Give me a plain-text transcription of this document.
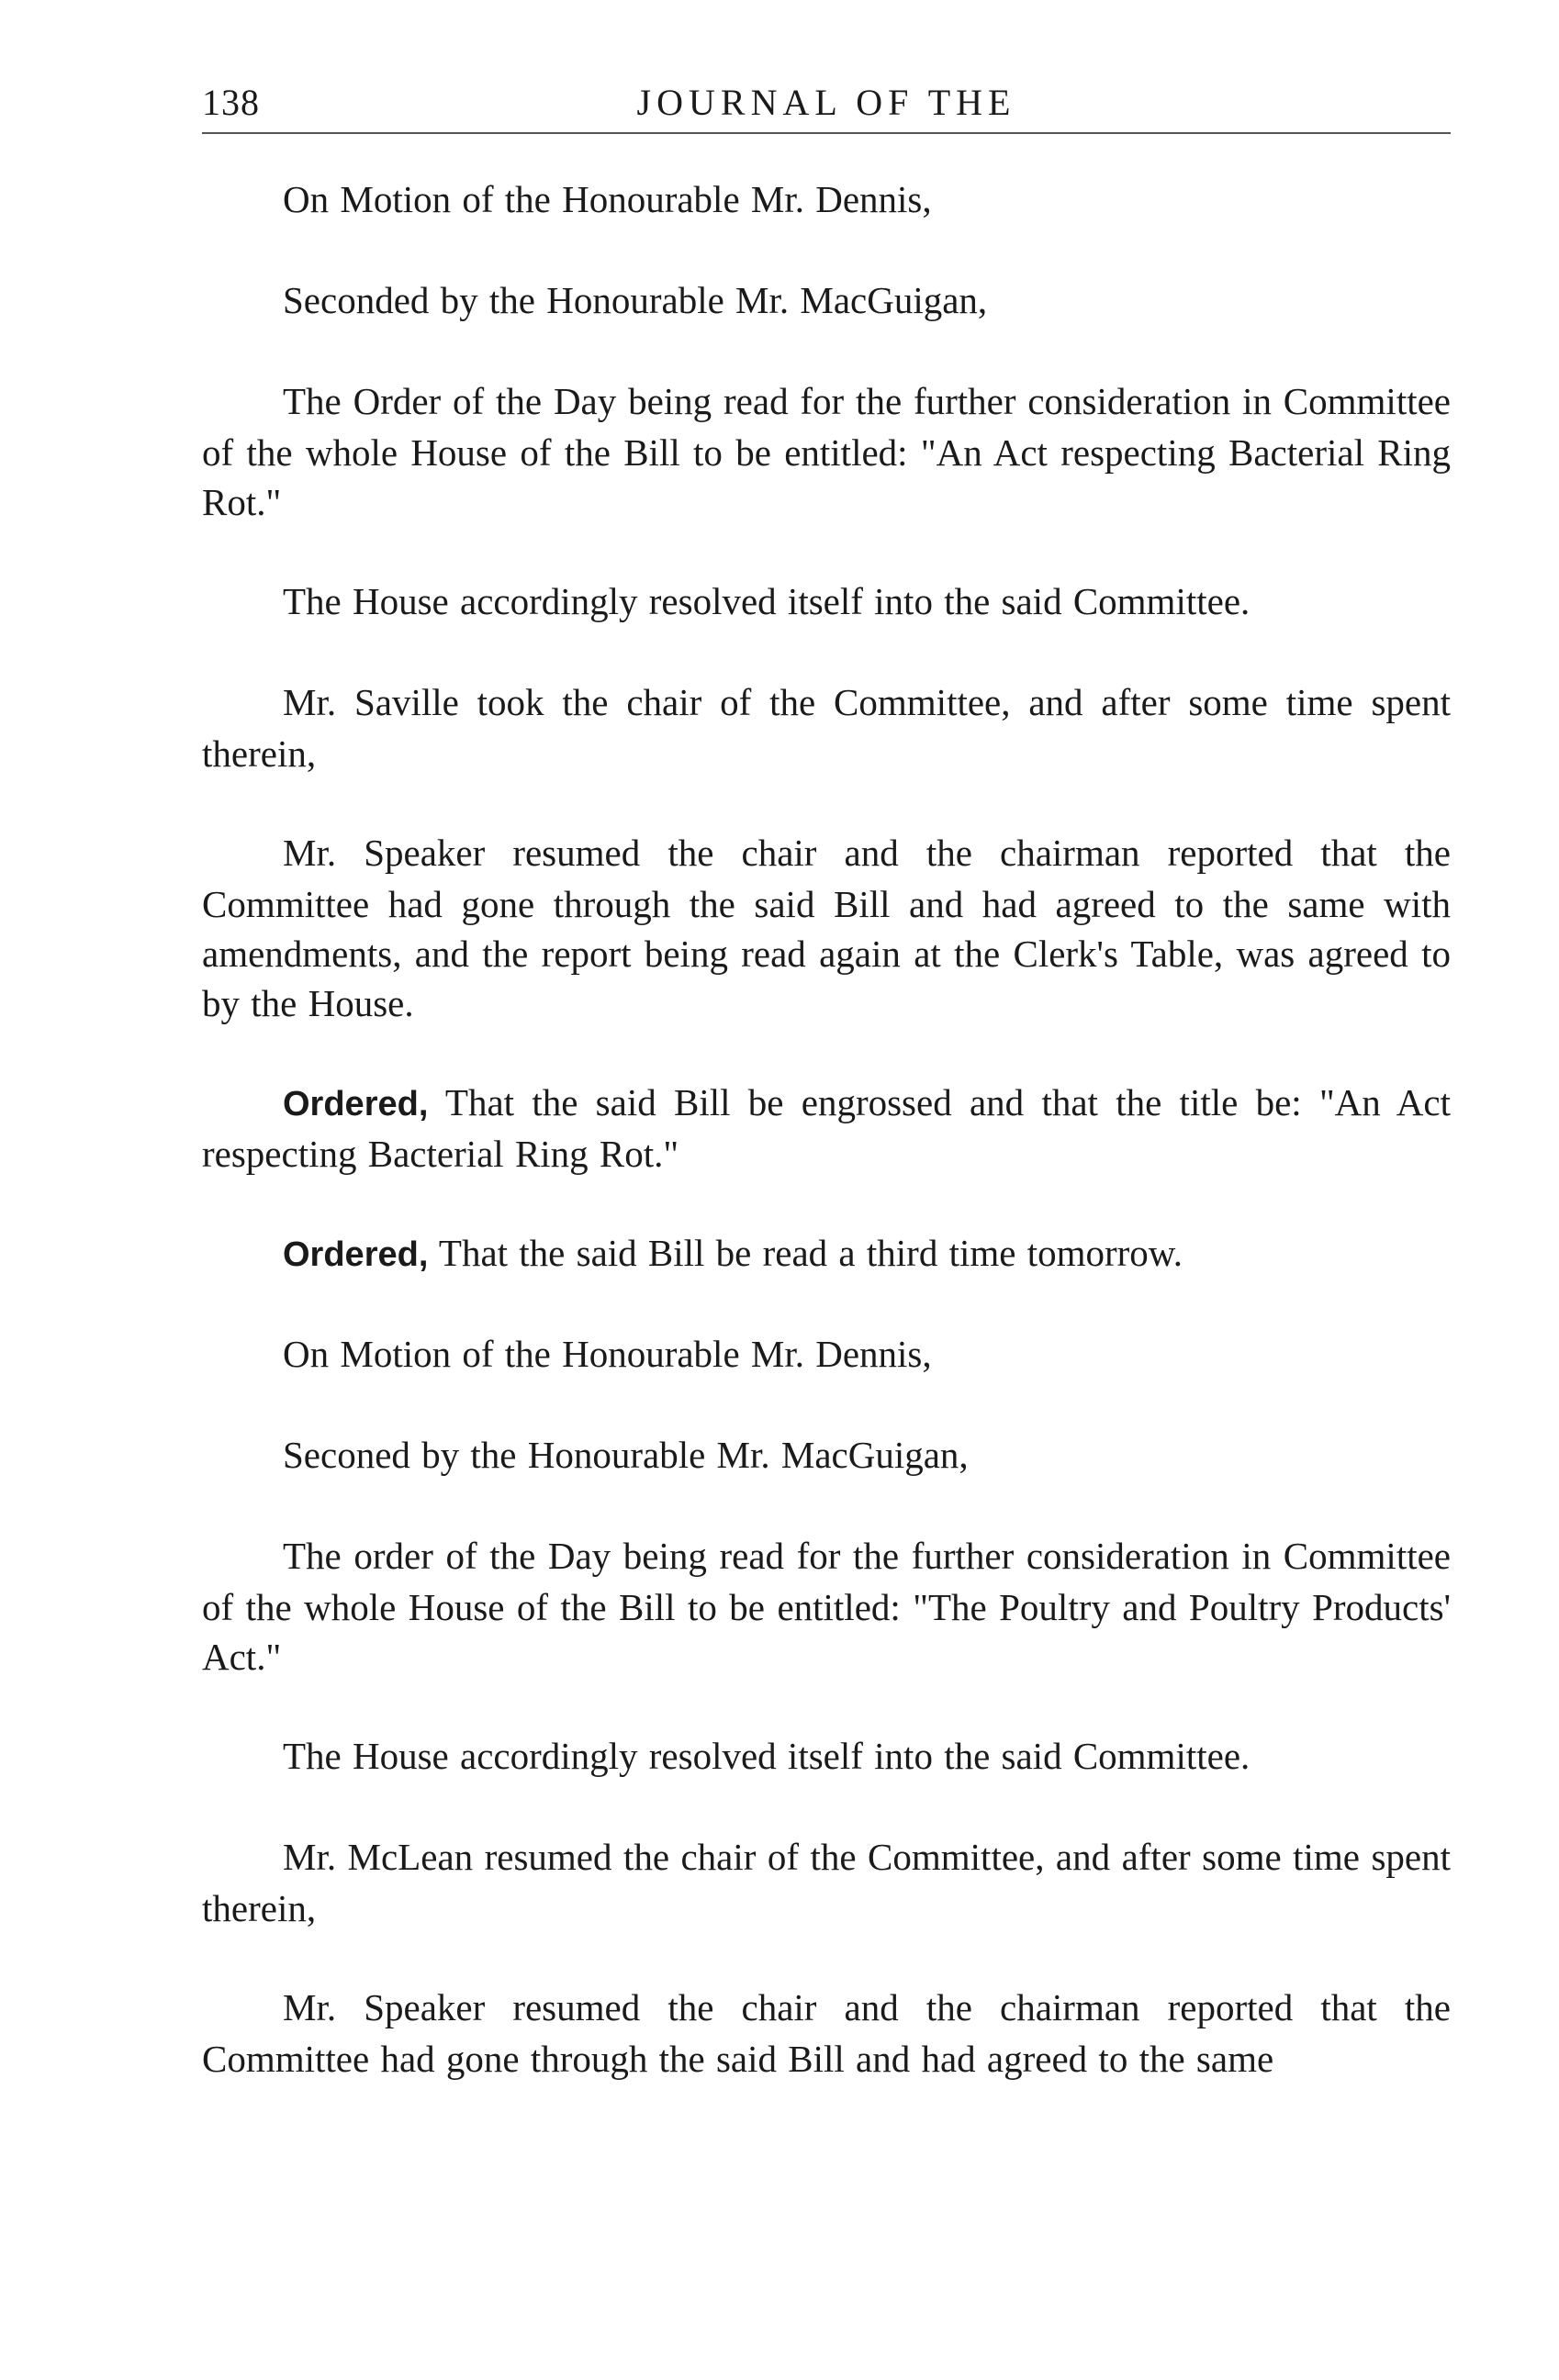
138	JOURNAL OF THE

On Motion of the Honourable Mr. Dennis,

Seconded by the Honourable Mr. MacGuigan,

The Order of the Day being read for the further consideration in Committee of the whole House of the Bill to be entitled: "An Act respecting Bacterial Ring Rot."

The House accordingly resolved itself into the said Committee.

Mr. Saville took the chair of the Committee, and after some time spent therein,

Mr. Speaker resumed the chair and the chairman reported that the Committee had gone through the said Bill and had agreed to the same with amendments, and the report being read again at the Clerk's Table, was agreed to by the House.

Ordered, That the said Bill be engrossed and that the title be: "An Act respecting Bacterial Ring Rot."

Ordered, That the said Bill be read a third time tomorrow.

On Motion of the Honourable Mr. Dennis,

Seconed by the Honourable Mr. MacGuigan,

The order of the Day being read for the further consideration in Committee of the whole House of the Bill to be entitled: "The Poultry and Poultry Products' Act."

The House accordingly resolved itself into the said Committee.

Mr. McLean resumed the chair of the Committee, and after some time spent therein,

Mr. Speaker resumed the chair and the chairman reported that the Committee had gone through the said Bill and had agreed to the same
